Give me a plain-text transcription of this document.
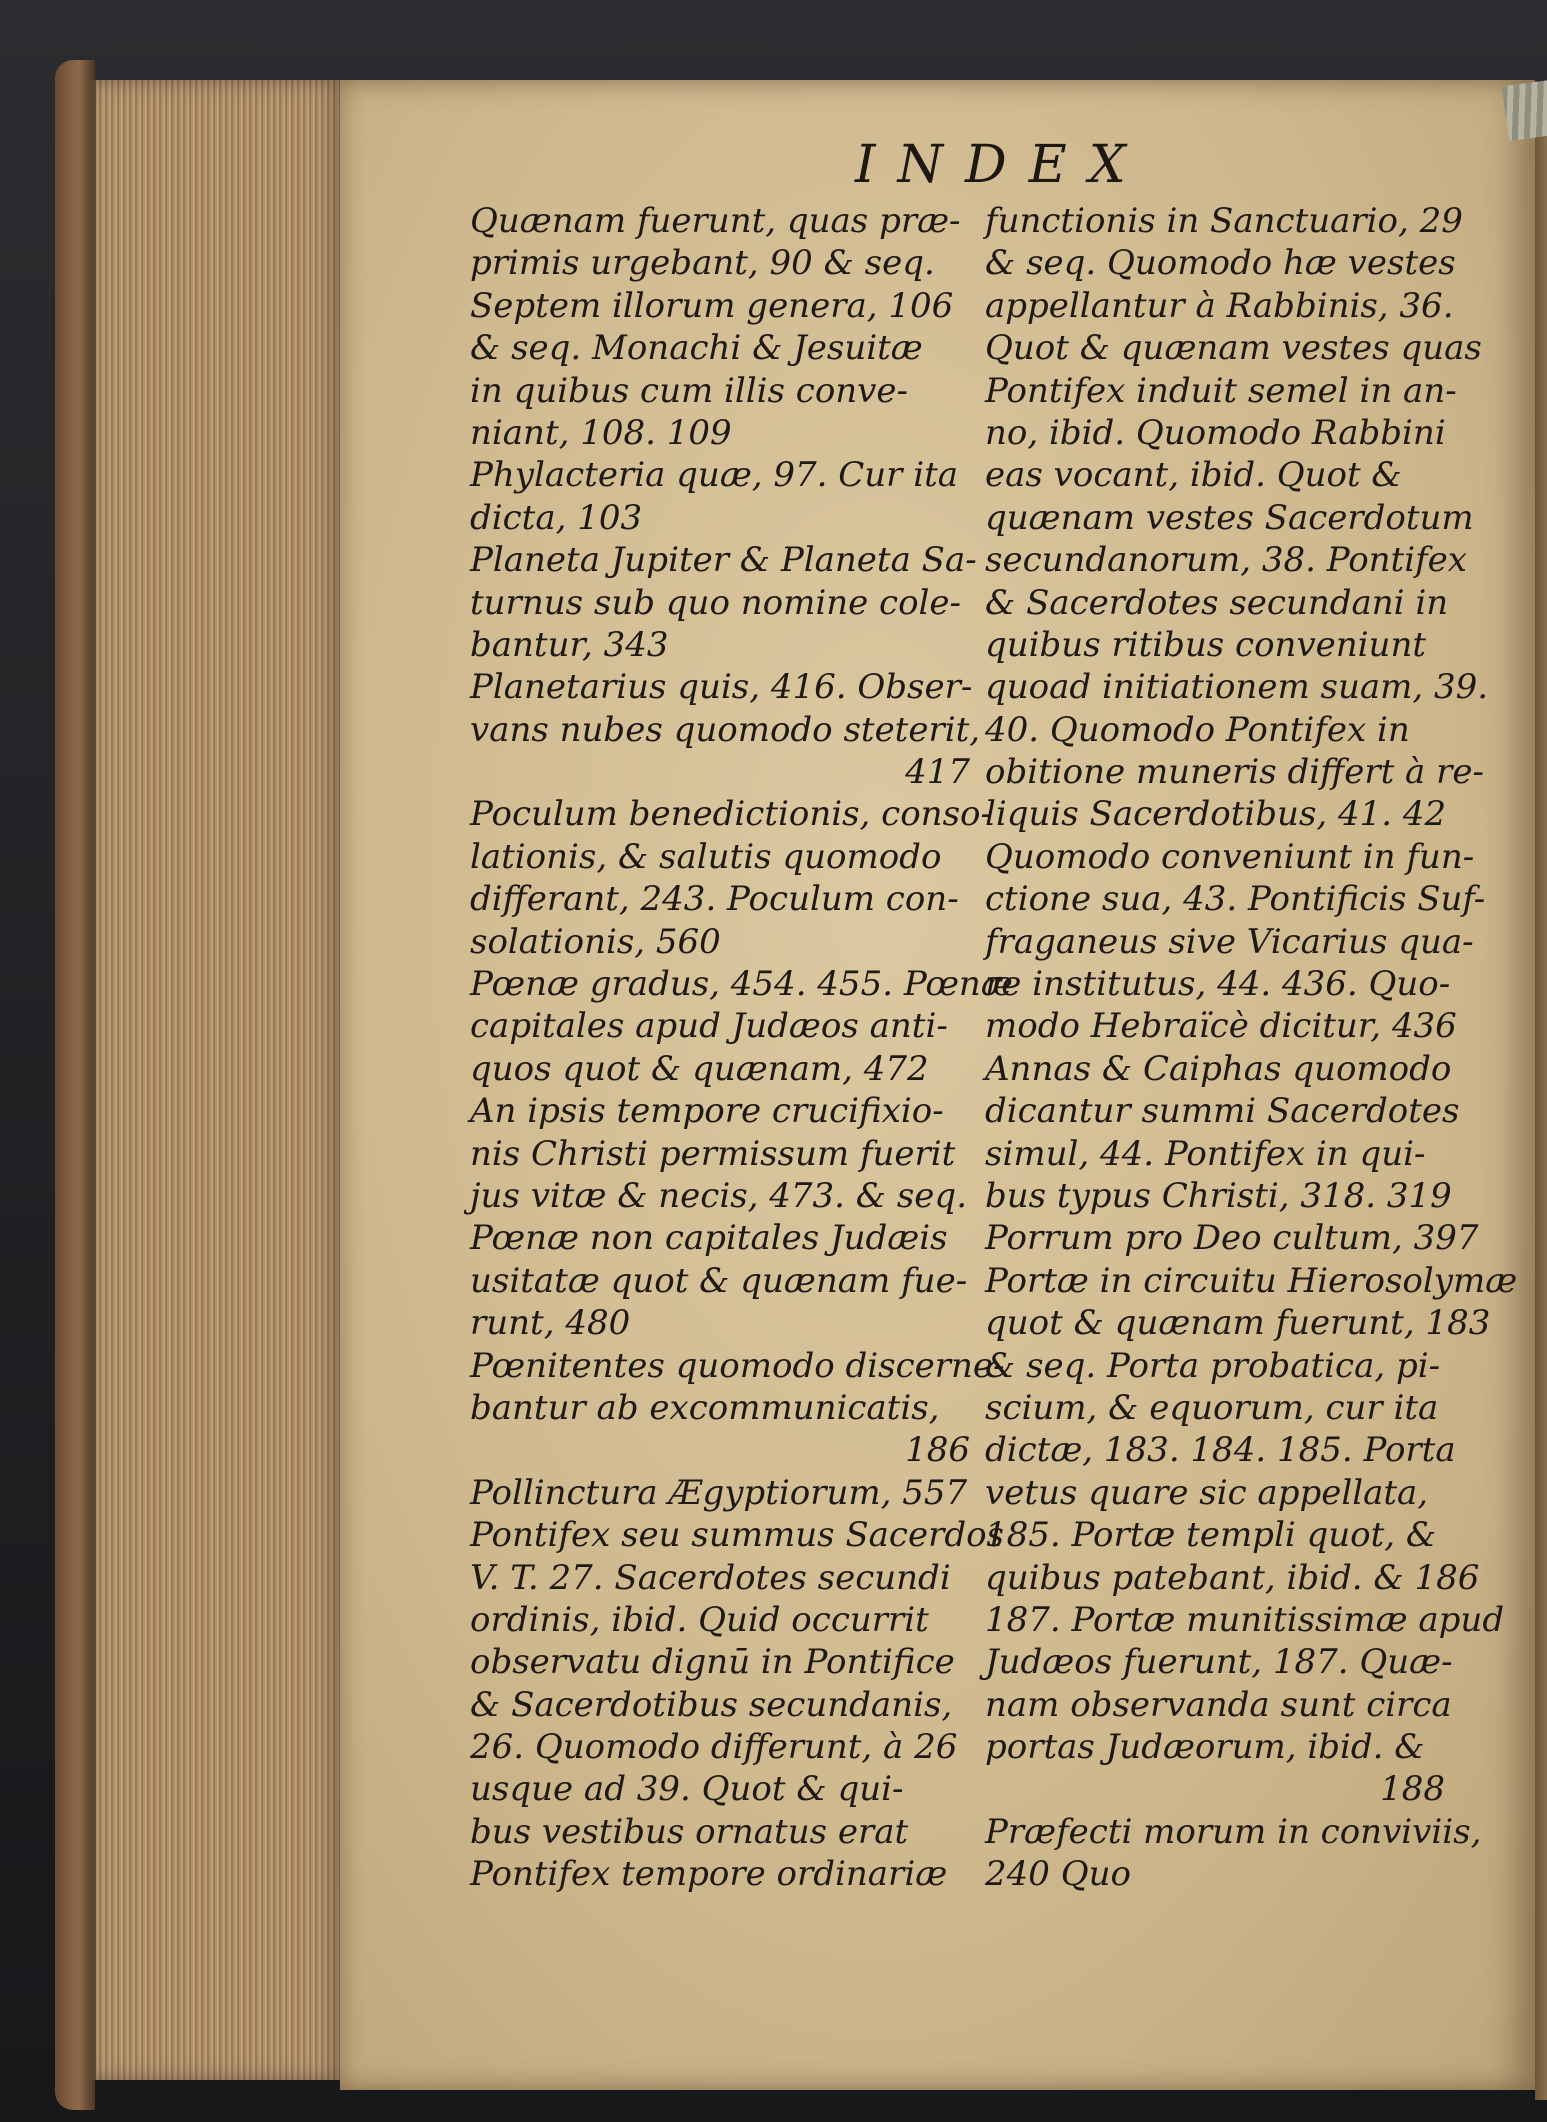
INDEX
Quænam fuerunt, quas præ-
primis urgebant, 90 & seq.
Septem illorum genera, 106
& seq. Monachi & Jesuitæ
in quibus cum illis conve-
niant, 108. 109
Phylacteria quæ, 97. Cur ita
dicta, 103
Planeta Jupiter & Planeta Sa-
turnus sub quo nomine cole-
bantur, 343
Planetarius quis, 416. Obser-
vans nubes quomodo steterit,
417
Poculum benedictionis, conso-
lationis, & salutis quomodo
differant, 243. Poculum con-
solationis, 560
Pœnæ gradus, 454. 455. Pœnæ
capitales apud Judæos anti-
quos quot & quænam, 472
An ipsis tempore crucifixio-
nis Christi permissum fuerit
jus vitæ & necis, 473. & seq.
Pœnæ non capitales Judæis
usitatæ quot & quænam fue-
runt, 480
Pœnitentes quomodo discerne-
bantur ab excommunicatis,
186
Pollinctura Ægyptiorum, 557
Pontifex seu summus Sacerdos
V. T. 27. Sacerdotes secundi
ordinis, ibid. Quid occurrit
observatu dignū in Pontifice
& Sacerdotibus secundanis,
26. Quomodo differunt, à 26
usque ad 39. Quot & qui-
bus vestibus ornatus erat
Pontifex tempore ordinariæ
functionis in Sanctuario, 29
& seq. Quomodo hæ vestes
appellantur à Rabbinis, 36.
Quot & quænam vestes quas
Pontifex induit semel in an-
no, ibid. Quomodo Rabbini
eas vocant, ibid. Quot &
quænam vestes Sacerdotum
secundanorum, 38. Pontifex
& Sacerdotes secundani in
quibus ritibus conveniunt
quoad initiationem suam, 39.
40. Quomodo Pontifex in
obitione muneris differt à re-
liquis Sacerdotibus, 41. 42
Quomodo conveniunt in fun-
ctione sua, 43. Pontificis Suf-
fraganeus sive Vicarius qua-
re institutus, 44. 436. Quo-
modo Hebraïcè dicitur, 436
Annas & Caiphas quomodo
dicantur summi Sacerdotes
simul, 44. Pontifex in qui-
bus typus Christi, 318. 319
Porrum pro Deo cultum, 397
Portæ in circuitu Hierosolymæ
quot & quænam fuerunt, 183
& seq. Porta probatica, pi-
scium, & equorum, cur ita
dictæ, 183. 184. 185. Porta
vetus quare sic appellata,
185. Portæ templi quot, &
quibus patebant, ibid. & 186
187. Portæ munitissimæ apud
Judæos fuerunt, 187. Quæ-
nam observanda sunt circa
portas Judæorum, ibid. &
188
Præfecti morum in conviviis,
240 Quo
